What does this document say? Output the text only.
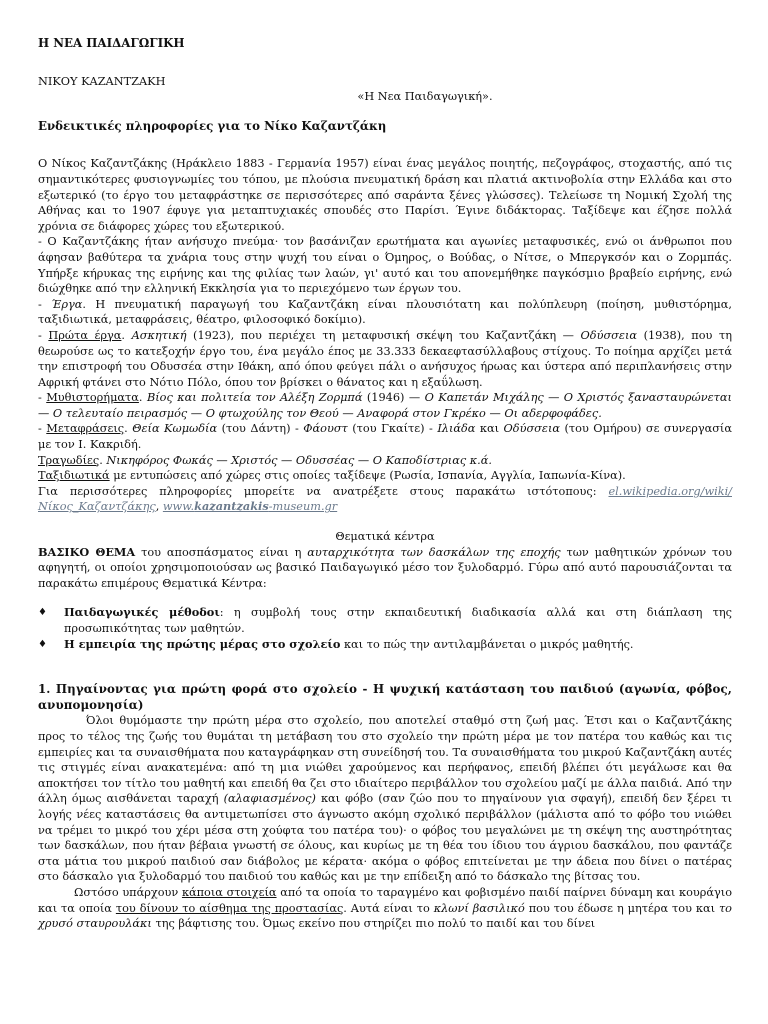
Η ΝΕΑ ΠΑΙΔΑΓΩΓΙΚΗ

ΝΙΚΟΥ ΚΑΖΑΝΤΖΑΚΗ

«Η Νεα Παιδαγωγική».

Ενδεικτικές πληροφορίες για το Νίκο Καζαντζάκη

Ο Νίκος Καζαντζάκης (Ηράκλειο 1883 - Γερμανία 1957) είναι ένας μεγάλος ποιητής, πεζογράφος, στοχαστής, από τις σημαντικότερες φυσιογνωμίες του τόπου, με πλούσια πνευματική δράση και πλατιά ακτινοβολία στην Ελλάδα και στο εξωτερικό (το έργο του μεταφράστηκε σε περισσότερες από σαράντα ξένες γλώσσες). Τελείωσε τη Νομική Σχολή της Αθήνας και το 1907 έφυγε για μεταπτυχιακές σπουδές στο Παρίσι. Έγινε διδάκτορας. Ταξίδεψε και έζησε πολλά χρόνια σε διάφορες χώρες του εξωτερικού.

- Ο Καζαντζάκης ήταν ανήσυχο πνεύμα· τον βασάνιζαν ερωτήματα και αγωνίες μεταφυσικές, ενώ οι άνθρωποι που άφησαν βαθύτερα τα χνάρια τους στην ψυχή του είναι ο Όμηρος, ο Βούδας, ο Νίτσε, ο Μπεργκσόν και ο Ζορμπάς. Υπήρξε κήρυκας της ειρήνης και της φιλίας των λαών, γι' αυτό και του απονεμήθηκε παγκόσμιο βραβείο ειρήνης, ενώ διώχθηκε από την ελληνική Εκκλησία για το περιεχόμενο των έργων του.

- Έργα. Η πνευματική παραγωγή του Καζαντζάκη είναι πλουσιότατη και πολύπλευρη (ποίηση, μυθιστόρημα, ταξιδιωτικά, μεταφράσεις, θέατρο, φιλοσοφικό δοκίμιο).

- Πρώτα έργα. Ασκητική (1923), που περιέχει τη μεταφυσική σκέψη του Καζαντζάκη — Οδύσσεια (1938), που τη θεωρούσε ως το κατεξοχήν έργο του, ένα μεγάλο έπος με 33.333 δεκαεφτασύλλαβους στίχους. Το ποίημα αρχίζει μετά την επιστροφή του Οδυσσέα στην Ιθάκη, από όπου φεύγει πάλι ο ανήσυχος ήρωας και ύστερα από περιπλανήσεις στην Αφρική φτάνει στο Νότιο Πόλο, όπου τον βρίσκει ο θάνατος και η εξαΰλωση.

- Μυθιστορήματα. Βίος και πολιτεία τον Αλέξη Ζορμπά (1946) — Ο Καπετάν Μιχάλης — Ο Χριστός ξανασταυρώνεται — Ο τελευταίο πειρασμός — Ο φτωχούλης τον Θεού — Αναφορά στον Γκρέκο — Οι αδερφοφάδες.

- Μεταφράσεις. Θεία Κωμωδία (του Δάντη) - Φάουστ (του Γκαίτε) - Ιλιάδα και Οδύσσεια (του Ομήρου) σε συνεργασία με τον Ι. Κακριδή.

Τραγωδίες. Νικηφόρος Φωκάς — Χριστός — Οδυσσέας — Ο Καποδίστριας κ.ά.

Ταξιδιωτικά με εντυπώσεις από χώρες στις οποίες ταξίδεψε (Ρωσία, Ισπανία, Αγγλία, Ιαπωνία-Κίνα).

Για περισσότερες πληροφορίες μπορείτε να ανατρέξετε στους παρακάτω ιστότοπους: el.wikipedia.org/wiki/Νίκος_Καζαντζάκης, www.kazantzakis-museum.gr

Θεματικά κέντρα

ΒΑΣΙΚΟ ΘΕΜΑ του αποσπάσματος είναι η αυταρχικότητα των δασκάλων της εποχής των μαθητικών χρόνων του αφηγητή, οι οποίοι χρησιμοποιούσαν ως βασικό Παιδαγωγικό μέσο τον ξυλοδαρμό. Γύρω από αυτό παρουσιάζονται τα παρακάτω επιμέρους Θεματικά Κέντρα:

♦	Παιδαγωγικές μέθοδοι: η συμβολή τους στην εκπαιδευτική διαδικασία αλλά και στη διάπλαση της προσωπικότητας των μαθητών.

♦	Η εμπειρία της πρώτης μέρας στο σχολείο και το πώς την αντιλαμβάνεται ο μικρός μαθητής.

1. Πηγαίνοντας για πρώτη φορά στο σχολείο - Η ψυχική κατάσταση του παιδιού (αγωνία, φόβος, ανυπομονησία)

Όλοι θυμόμαστε την πρώτη μέρα στο σχολείο, που αποτελεί σταθμό στη ζωή μας. Έτσι και ο Καζαντζάκης προς το τέλος της ζωής του θυμάται τη μετάβαση του στο σχολείο την πρώτη μέρα με τον πατέρα του καθώς και τις εμπειρίες και τα συναισθήματα που καταγράφηκαν στη συνείδησή του. Τα συναισθήματα του μικρού Καζαντζάκη αυτές τις στιγμές είναι ανακατεμένα: από τη μια νιώθει χαρούμενος και περήφανος, επειδή βλέπει ότι μεγάλωσε και θα αποκτήσει τον τίτλο του μαθητή και επειδή θα ζει στο ιδιαίτερο περιβάλλον του σχολείου μαζί με άλλα παιδιά. Από την άλλη όμως αισθάνεται ταραχή (αλαφιασμένος) και φόβο (σαν ζώο που το πηγαίνουν για σφαγή), επειδή δεν ξέρει τι λογής νέες καταστάσεις θα αντιμετωπίσει στο άγνωστο ακόμη σχολικό περιβάλλον (μάλιστα από το φόβο του νιώθει να τρέμει το μικρό του χέρι μέσα στη χούφτα του πατέρα του)· ο φόβος του μεγαλώνει με τη σκέψη της αυστηρότητας των δασκάλων, που ήταν βέβαια γνωστή σε όλους, και κυρίως με τη θέα του ίδιου του άγριου δασκάλου, που φαντάζε στα μάτια του μικρού παιδιού σαν διάβολος με κέρατα· ακόμα ο φόβος επιτείνεται με την άδεια που δίνει ο πατέρας στο δάσκαλο για ξυλοδαρμό του παιδιού του καθώς και με την επίδειξη από το δάσκαλο της βίτσας του.

Ωστόσο υπάρχουν κάποια στοιχεία από τα οποία το ταραγμένο και φοβισμένο παιδί παίρνει δύναμη και κουράγιο και τα οποία του δίνουν το αίσθημα της προστασίας. Αυτά είναι το κλωνί βασιλικό που του έδωσε η μητέρα του και το χρυσό σταυρουλάκι της βάφτισης του. Όμως εκείνο που στηρίζει πιο πολύ το παιδί και του δίνει
